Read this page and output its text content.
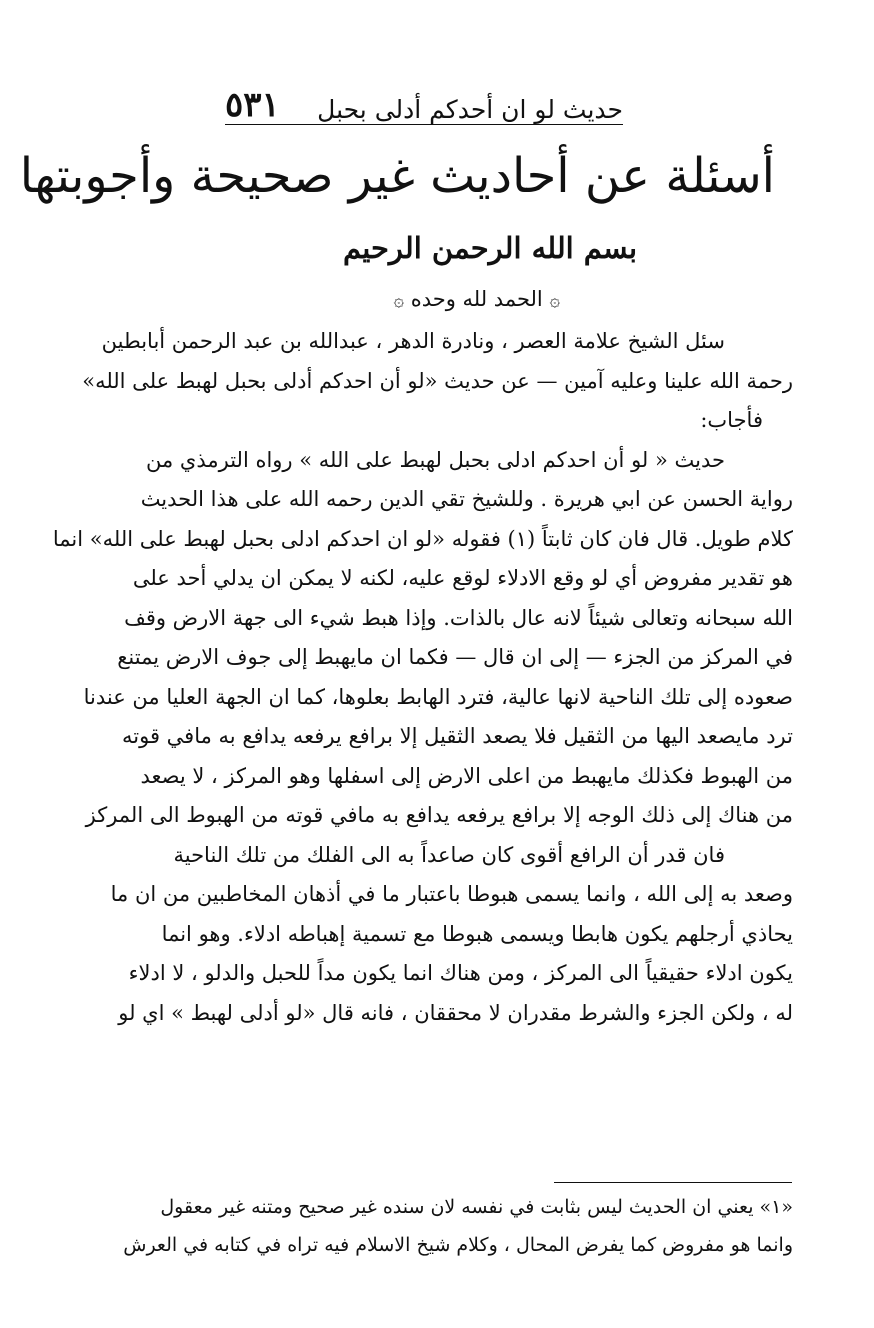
٥٣١ حديث لو ان أحدكم أدلى بحبل
أسئلة عن أحاديث غير صحيحة وأجوبتها
بسم الله الرحمن الرحيم
۞ الحمد لله وحده ۞
سئل الشيخ علامة العصر ، ونادرة الدهر ، عبدالله بن عبد الرحمن أبابطين
رحمة الله علينا وعليه آمين — عن حديث «لو أن احدكم أدلى بحبل لهبط على الله»
فأجاب:
حديث « لو أن احدكم ادلى بحبل لهبط على الله » رواه الترمذي من
رواية الحسن عن ابي هريرة . وللشيخ تقي الدين رحمه الله على هذا الحديث
كلام طويل. قال فان كان ثابتاً (١) فقوله «لو ان احدكم ادلى بحبل لهبط على الله» انما
هو تقدير مفروض أي لو وقع الادلاء لوقع عليه، لكنه لا يمكن ان يدلي أحد على
الله سبحانه وتعالى شيئاً لانه عال بالذات. وإذا هبط شيء الى جهة الارض وقف
في المركز من الجزء — إلى ان قال — فكما ان مايهبط إلى جوف الارض يمتنع
صعوده إلى تلك الناحية لانها عالية، فترد الهابط بعلوها، كما ان الجهة العليا من عندنا
ترد مايصعد اليها من الثقيل فلا يصعد الثقيل إلا برافع يرفعه يدافع به مافي قوته
من الهبوط فكذلك مايهبط من اعلى الارض إلى اسفلها وهو المركز ، لا يصعد
من هناك إلى ذلك الوجه إلا برافع يرفعه يدافع به مافي قوته من الهبوط الى المركز
فان قدر أن الرافع أقوى كان صاعداً به الى الفلك من تلك الناحية
وصعد به إلى الله ، وانما يسمى هبوطا باعتبار ما في أذهان المخاطبين من ان ما
يحاذي أرجلهم يكون هابطا ويسمى هبوطا مع تسمية إهباطه ادلاء. وهو انما
يكون ادلاء حقيقياً الى المركز ، ومن هناك انما يكون مداً للحبل والدلو ، لا ادلاء
له ، ولكن الجزء والشرط مقدران لا محققان ، فانه قال «لو أدلى لهبط » اي لو
«١» يعني ان الحديث ليس بثابت في نفسه لان سنده غير صحيح ومتنه غير معقول
وانما هو مفروض كما يفرض المحال ، وكلام شيخ الاسلام فيه تراه في كتابه في العرش
